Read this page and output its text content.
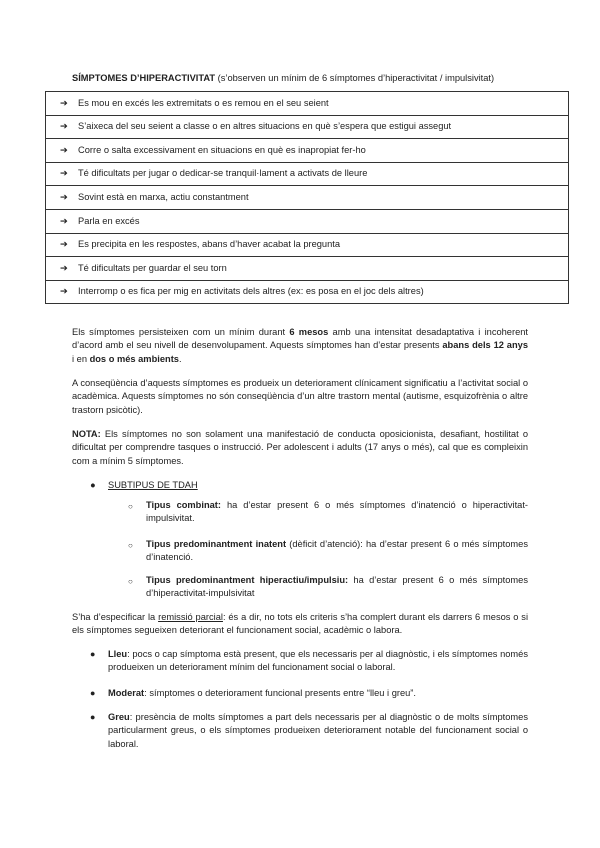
SÍMPTOMES D’HIPERACTIVITAT (s’observen un mínim de 6 símptomes d’hiperactivitat / impulsivitat)
➔ Es mou en excés les extremitats o es remou en el seu seient
➔ S’aixeca del seu seient a classe o en altres situacions en què s’espera que estigui assegut
➔ Corre o salta excessivament en situacions en què es inapropiat fer-ho
➔ Té dificultats per jugar o dedicar-se tranquil·lament a activats de lleure
➔ Sovint està en marxa, actiu constantment
➔ Parla en excés
➔ Es precipita en les respostes, abans d’haver acabat la pregunta
➔ Té dificultats per guardar el seu torn
➔ Interromp o es fica per mig en activitats dels altres (ex: es posa en el joc dels altres)

Els símptomes persisteixen com un mínim durant 6 mesos amb una intensitat desadaptativa i incoherent d’acord amb el seu nivell de desenvolupament. Aquests símptomes han d’estar presents abans dels 12 anys i en dos o més ambients.

A conseqüència d’aquests símptomes es produeix un deteriorament clínicament significatiu a l’activitat social o acadèmica. Aquests símptomes no són conseqüència d’un altre trastorn mental (autisme, esquizofrènia o altre trastorn psicòtic).

NOTA: Els símptomes no son solament una manifestació de conducta oposicionista, desafiant, hostilitat o dificultat per comprendre tasques o instrucció. Per adolescent i adults (17 anys o més), cal que es compleixin com a mínim 5 símptomes.

● SUBTIPUS DE TDAH
○ Tipus combinat: ha d’estar present 6 o més símptomes d’inatenció o hiperactivitat-impulsivitat.
○ Tipus predominantment inatent (dèficit d’atenció): ha d’estar present 6 o més símptomes d’inatenció.
○ Tipus predominantment hiperactiu/impulsiu: ha d’estar present 6 o més símptomes d’hiperactivitat-impulsivitat

S’ha d’especificar la remissió parcial: és a dir, no tots els criteris s’ha complert durant els darrers 6 mesos o si els símptomes segueixen deteriorant el funcionament social, acadèmic o labora.

● Lleu: pocs o cap símptoma està present, que els necessaris per al diagnòstic, i els símptomes només produeixen un deteriorament mínim del funcionament social o laboral.
● Moderat: símptomes o deteriorament funcional presents entre “lleu i greu”.
● Greu: presència de molts símptomes a part dels necessaris per al diagnòstic o de molts símptomes particularment greus, o els símptomes produeixen deteriorament notable del funcionament social o laboral.
